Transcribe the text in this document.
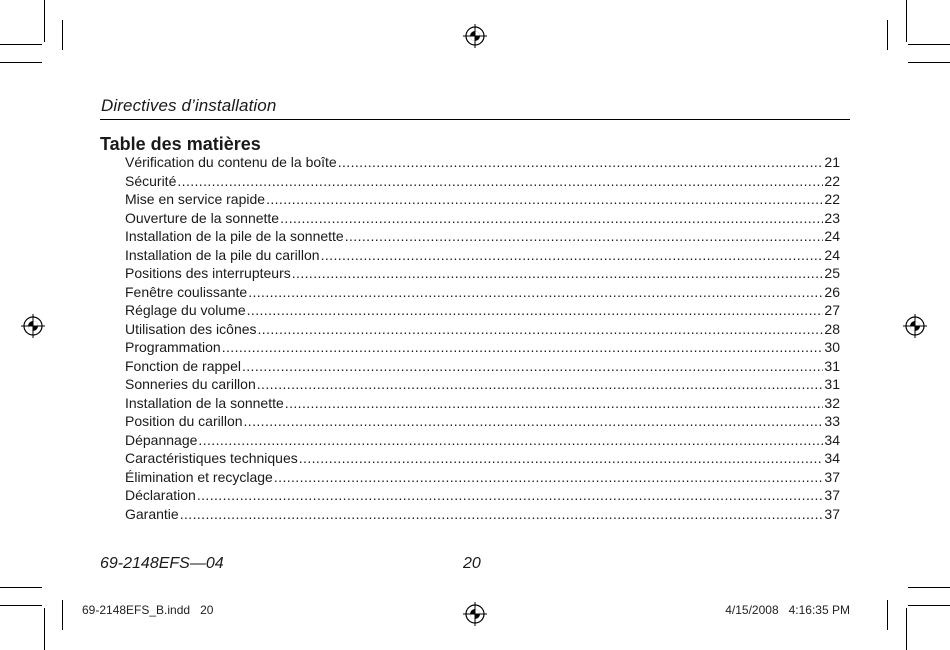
Directives d’installation
Table des matières
Vérification du contenu de la boîte .....	21
Sécurité .....	22
Mise en service rapide .....	22
Ouverture de la sonnette .....	23
Installation de la pile de la sonnette .....	24
Installation de la pile du carillon .....	24
Positions des interrupteurs .....	25
Fenêtre coulissante .....	26
Réglage du volume .....	27
Utilisation des icônes .....	28
Programmation .....	30
Fonction de rappel .....	31
Sonneries du carillon .....	31
Installation de la sonnette .....	32
Position du carillon .....	33
Dépannage .....	34
Caractéristiques techniques .....	34
Élimination et recyclage .....	37
Déclaration .....	37
Garantie .....	37
69-2148EFS—04	20
69-2148EFS_B.indd   20	4/15/2008   4:16:35 PM
